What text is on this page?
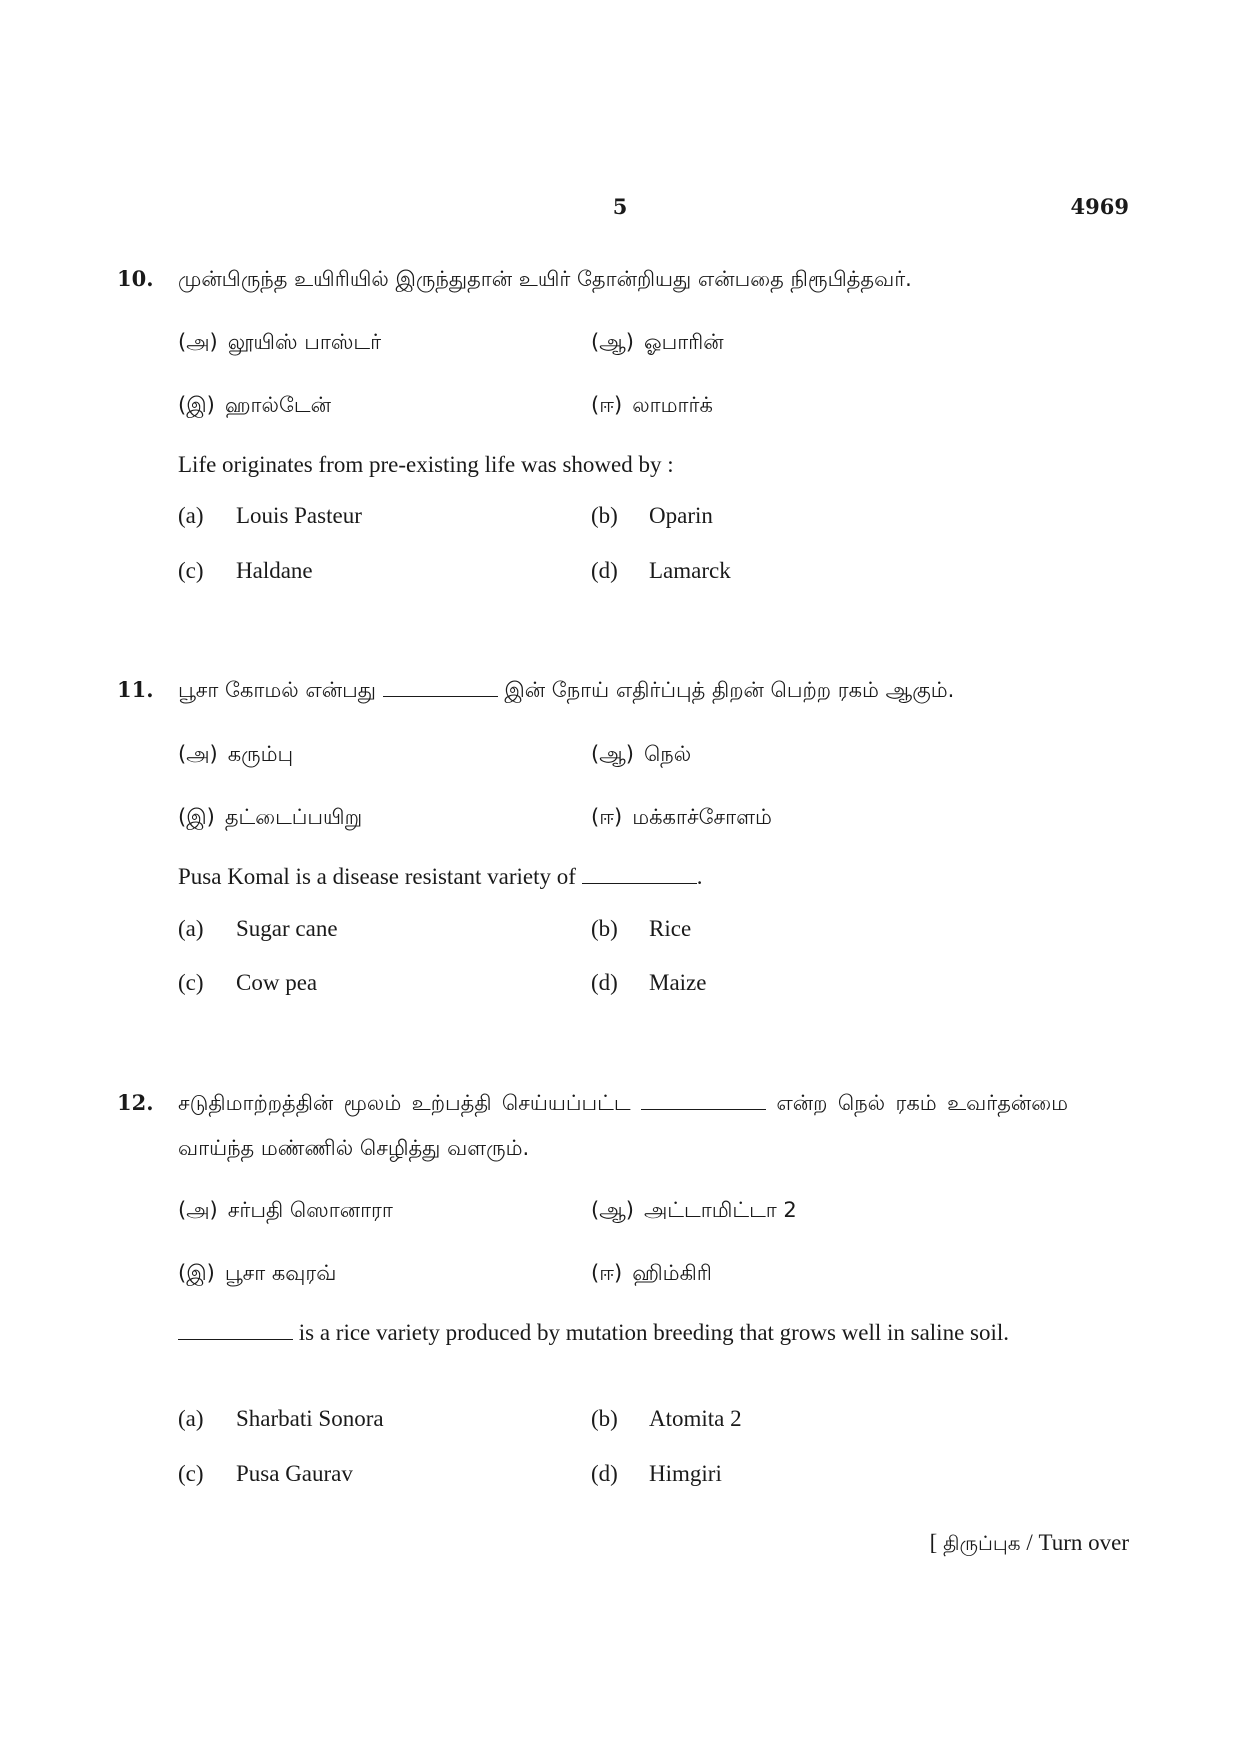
5	4969
10. முன்பிருந்த உயிரியில் இருந்துதான் உயிர் தோன்றியது என்பதை நிரூபித்தவர்.
(அ) லூயிஸ் பாஸ்டர்	(ஆ) ஓபாரின்
(இ) ஹால்டேன்	(ஈ) லாமார்க்
Life originates from pre-existing life was showed by :
(a) Louis Pasteur	(b) Oparin
(c) Haldane	(d) Lamarck
11. பூசா கோமல் என்பது	இன் நோய் எதிர்ப்புத் திறன் பெற்ற ரகம் ஆகும்.
(அ) கரும்பு	(ஆ) நெல்
(இ) தட்டைப்பயிறு	(ஈ) மக்காச்சோளம்
Pusa Komal is a disease resistant variety of	.
(a) Sugar cane	(b) Rice
(c) Cow pea	(d) Maize
12. சடுதிமாற்றத்தின் மூலம் உற்பத்தி செய்யப்பட்ட	என்ற நெல் ரகம் உவர்தன்மை வாய்ந்த மண்ணில் செழித்து வளரும்.
(அ) சர்பதி ஸொனாரா	(ஆ) அட்டாமிட்டா 2
(இ) பூசா கவுரவ்	(ஈ) ஹிம்கிரி
is a rice variety produced by mutation breeding that grows well in saline soil.
(a) Sharbati Sonora	(b) Atomita 2
(c) Pusa Gaurav	(d) Himgiri
[ திருப்புக / Turn over
